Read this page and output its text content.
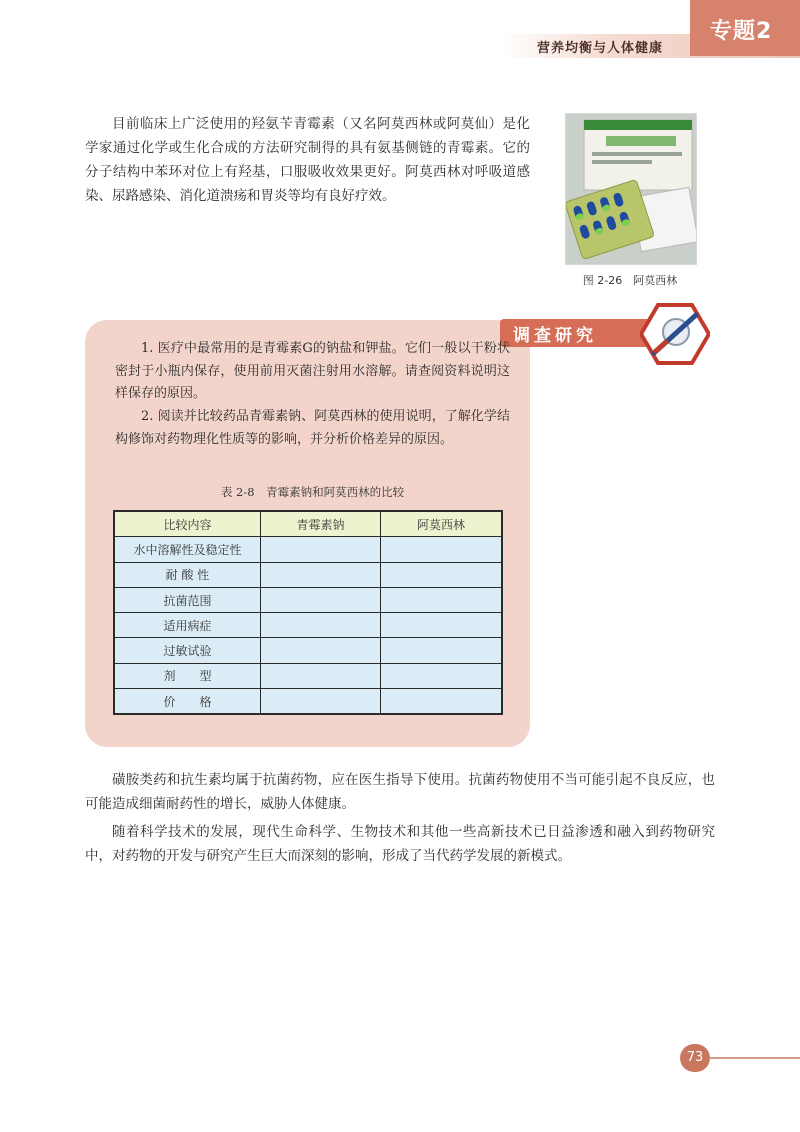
营养均衡与人体健康
专题2

目前临床上广泛使用的羟氨苄青霉素（又名阿莫西林或阿莫仙）是化学家通过化学或生化合成的方法研究制得的具有氨基侧链的青霉素。它的分子结构中苯环对位上有羟基，口服吸收效果更好。阿莫西林对呼吸道感染、尿路感染、消化道溃疡和胃炎等均有良好疗效。

图 2-26　阿莫西林
调查研究

1. 医疗中最常用的是青霉素G的钠盐和钾盐。它们一般以干粉状密封于小瓶内保存，使用前用灭菌注射用水溶解。请查阅资料说明这样保存的原因。

2. 阅读并比较药品青霉素钠、阿莫西林的使用说明，了解化学结构修饰对药物理化性质等的影响，并分析价格差异的原因。

表 2-8　青霉素钠和阿莫西林的比较
比较内容	青霉素钠	阿莫西林
水中溶解性及稳定性		
耐 酸 性		
抗菌范围		
适用病症		
过敏试验		
剂　　型		
价　　格		

磺胺类药和抗生素均属于抗菌药物，应在医生指导下使用。抗菌药物使用不当可能引起不良反应，也可能造成细菌耐药性的增长，威胁人体健康。

随着科学技术的发展，现代生命科学、生物技术和其他一些高新技术已日益渗透和融入到药物研究中，对药物的开发与研究产生巨大而深刻的影响，形成了当代药学发展的新模式。

73
